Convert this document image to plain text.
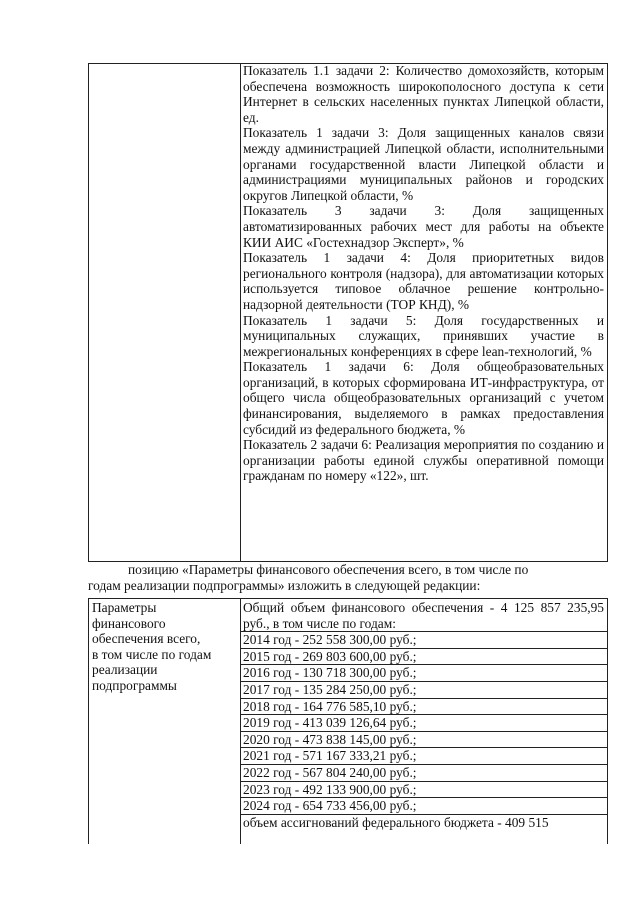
Показатель 1.1 задачи 2: Количество домохозяйств, которым обеспечена возможность широкополосного доступа к сети Интернет в сельских населенных пунктах Липецкой области, ед.

Показатель 1 задачи 3: Доля защищенных каналов связи между администрацией Липецкой области, исполнительными органами государственной власти Липецкой области и администрациями муниципальных районов и городских округов Липецкой области, %

Показатель 3 задачи 3: Доля защищенных автоматизированных рабочих мест для работы на объекте КИИ АИС «Гостехнадзор Эксперт», %

Показатель 1 задачи 4: Доля приоритетных видов регионального контроля (надзора), для автоматизации которых используется типовое облачное решение контрольно-надзорной деятельности (ТОР КНД), %

Показатель 1 задачи 5: Доля государственных и муниципальных служащих, принявших участие в межрегиональных конференциях в сфере lean-технологий, %

Показатель 1 задачи 6: Доля общеобразовательных организаций, в которых сформирована ИТ-инфраструктура, от общего числа общеобразовательных организаций с учетом финансирования, выделяемого в рамках предоставления субсидий из федерального бюджета, %

Показатель 2 задачи 6: Реализация мероприятия по созданию и организации работы единой службы оперативной помощи гражданам по номеру «122», шт.

позицию «Параметры финансового обеспечения всего, в том числе по

годам реализации подпрограммы» изложить в следующей редакции:

Параметры

финансового

обеспечения всего,

в том числе по годам

реализации

подпрограммы

Общий объем финансового обеспечения - 4 125 857 235,95 руб., в том числе по годам:

2014 год - 252 558 300,00 руб.;

2015 год - 269 803 600,00 руб.;

2016 год - 130 718 300,00 руб.;

2017 год - 135 284 250,00 руб.;

2018 год - 164 776 585,10 руб.;

2019 год - 413 039 126,64 руб.;

2020 год - 473 838 145,00 руб.;

2021 год - 571 167 333,21 руб.;

2022 год - 567 804 240,00 руб.;

2023 год - 492 133 900,00 руб.;

2024 год - 654 733 456,00 руб.;

объем ассигнований федерального бюджета - 409 515
